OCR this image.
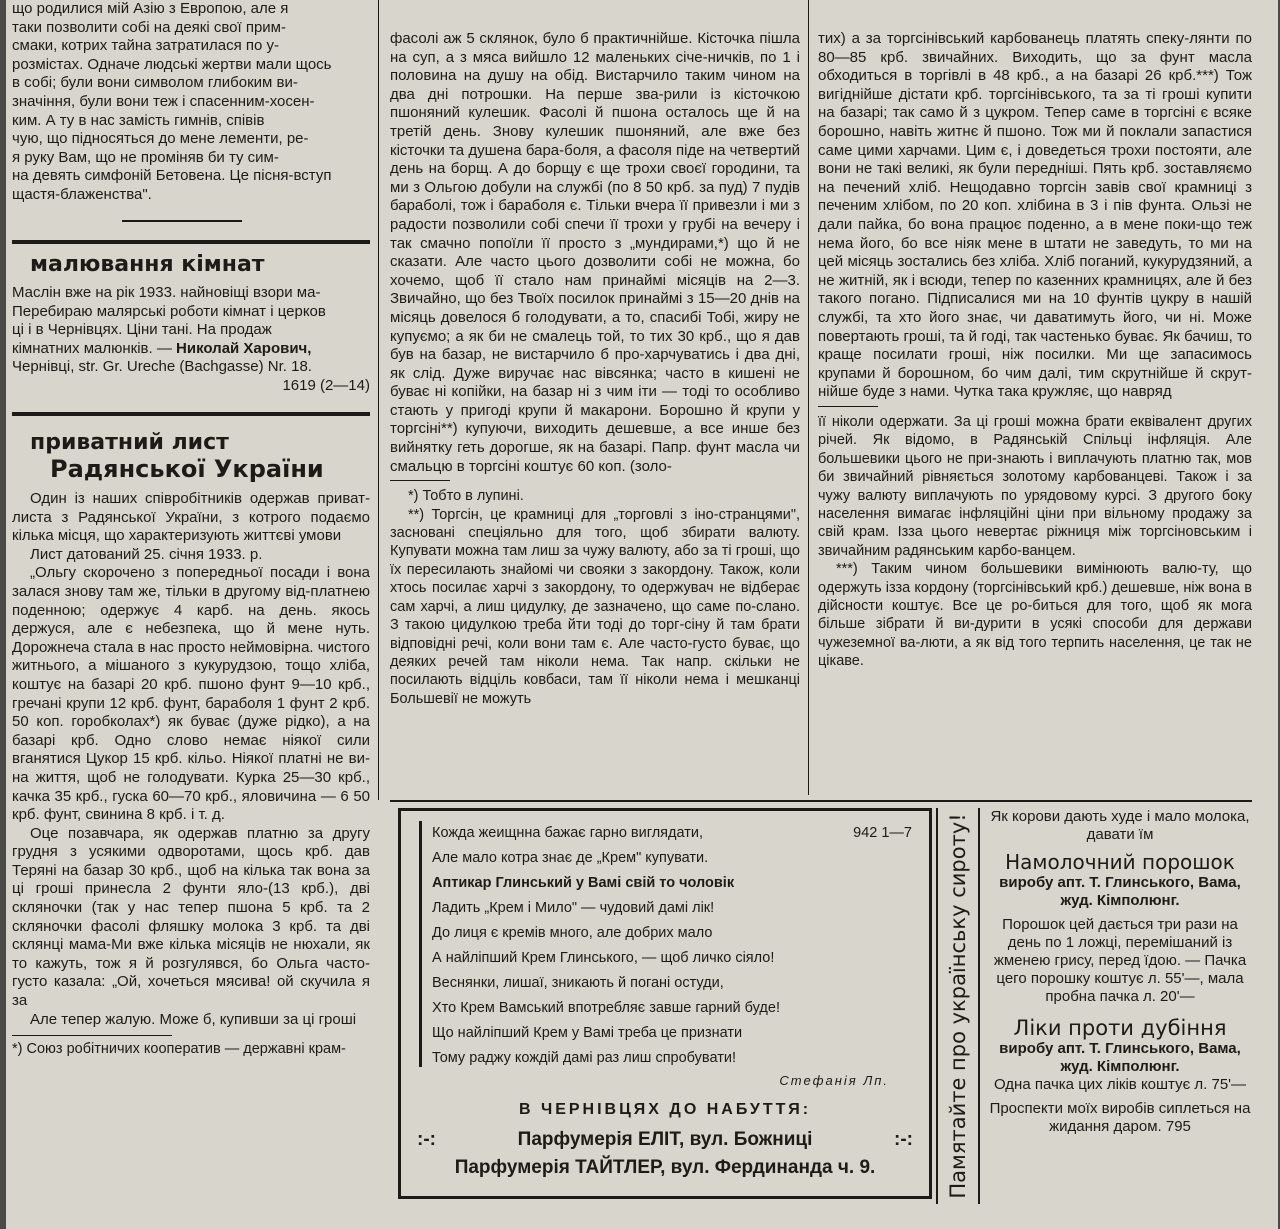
що родилися мій Азію з Европою, але я

таки позволити собі на деякі свої прим-

смаки, котрих тайна затратилася по у-

розмістах. Одначе людські жертви мали щось

в собі; були вони символом глибоким ви-

значіння, були вони теж і спасенним-хосен-

ким. А ту в нас замість гимнів, співів

чую, що підносяться до мене лементи, ре-

я руку Вам, що не проміняв би ту сим-

на девять симфоній Бетовена. Це пісня-вступ

щастя-блаженства".

малювання кімнат

Маслін вже на рік 1933. найновіщі взори ма-

Перебираю малярські роботи кімнат і церков

ці і в Чернівцях. Ціни тані. На продаж

кімнатних малюнків. — Николай Харович,

Чернівці, str. Gr. Ureche (Bachgasse) Nr. 18.

1619 (2—14)

приватний лист

Радянської України

Один із наших співробітників одержав приват-листа з Радянської України, з котрого подаємо кілька місця, що характеризують життєві умови

Лист датований 25. січня 1933. р.

„Ольгу скорочено з попередньої посади і вона залася знову там же, тільки в другому від-платнею поденною; одержує 4 карб. на день. якось держуся, але є небезпека, що й мене нуть. Дорожнеча стала в нас просто неймовірна. чистого житнього, а мішаного з кукурудзою, тощо хліба, коштує на базарі 20 крб. пшоно фунт 9—10 крб., гречані крупи 12 крб. фунт, бараболя 1 фунт 2 крб. 50 коп. горобколах*) як буває (дуже рідко), а на базарі крб. Одно слово немає ніякої сили вганятися Цукор 15 крб. кільо. Ніякої платні не ви-на життя, щоб не голодувати. Курка 25—30 крб., качка 35 крб., гуска 60—70 крб., яловичина — 6 50 крб. фунт, свинина 8 крб. і т. д.

Оце позавчара, як одержав платню за другу грудня з усякими одворотами, щось крб. дав Теряні на базар 30 крб., щоб на кілька так вона за ці гроші принесла 2 фунти яло-(13 крб.), дві скляночки (так у нас тепер пшона 5 крб. та 2 скляночки фасолі фляшку молока 3 крб. та дві склянці мама-Ми вже кілька місяців не нюхали, як то кажуть, тож я й розгулявся, бо Ольга часто-густо казала: „Ой, хочеться мясива! ой скучила я за

Але тепер жалую. Може б, купивши за ці гроші

*) Союз робітничих кооператив — державні крам-

фасолі аж 5 склянок, було б практичнійше. Кісточка пішла на суп, а з мяса вийшло 12 маленьких січе-ничків, по 1 і половина на душу на обід. Вистарчило таким чином на два дні потрошки. На перше зва-рили із кісточкою пшоняний кулешик. Фасолі й пшона осталось ще й на третій день. Знову кулешик пшоняний, але вже без кісточки та душена бара-боля, а фасоля піде на четвертий день на борщ. А до борщу є ще трохи своєї городини, та ми з Ольгою добули на службі (по 8 50 крб. за пуд) 7 пудів бараболі, тож і бараболя є. Тільки вчера її привезли і ми з радости позволили собі спечи її трохи у грубі на вечеру і так смачно попоїли її просто з „мундирами,*) що й не сказати. Але часто цього дозволити собі не можна, бо хочемо, щоб її стало нам принаймі місяців на 2—3. Звичайно, що без Твоїх посилок принаймі з 15—20 днів на місяць довелося б голодувати, а то, спасибі Тобі, жиру не купуємо; а як би не смалець той, то тих 30 крб., що я дав був на базар, не вистарчило б про-харчуватись і два дні, як слід. Дуже виручає нас вівсянка; часто в кишені не буває ні копійки, на базар ні з чим іти — тоді то особливо стають у пригоді крупи й макарони. Борошно й крупи у торгсіні**) купуючи, виходить дешевше, а все инше без вийнятку геть дорогше, як на базарі. Папр. фунт масла чи смальцю в торгсіні коштує 60 коп. (золо-

*) Тобто в лупині.

**) Торгсін, це крамниці для „торговлі з іно-странцями", засновані спеціяльно для того, щоб збирати валюту. Купувати можна там лиш за чужу валюту, або за ті гроші, що їх пересилають знайомі чи свояки з закордону. Також, коли хтось посилає харчі з закордону, то одержувач не відберає сам харчі, а лиш цидулку, де зазначено, що саме по-слано. З такою цидулкою треба йти тоді до торг-сіну й там брати відповідні речі, коли вони там є. Але часто-густо буває, що деяких речей там ніколи нема. Так напр. скільки не посилають відціль ковбаси, там її ніколи нема і мешканці Большевії не можуть

тих) а за торгсінівський карбованець платять спеку-лянти по 80—85 крб. звичайних. Виходить, що за фунт масла обходиться в торгівлі в 48 крб., а на базарі 26 крб.***) Тож вигіднійше дістати крб. торгсінівського, та за ті гроші купити на базарі; так само й з цукром. Тепер саме в торгсіні є всяке борошно, навіть житнє й пшоно. Тож ми й поклали запастися саме цими харчами. Цим є, і доведеться трохи постояти, але вони не такі великі, як були передніші. Пять крб. зоставляємо на печений хліб. Нещодавно торгсін завів свої крамниці з печеним хлібом, по 20 коп. хлібина в 3 і пів фунта. Ользі не дали пайка, бо вона працює поденно, а в мене поки-що теж нема його, бо все ніяк мене в штати не заведуть, то ми на цей місяць зостались без хліба. Хліб поганий, кукурудзяний, а не житній, як і всюди, тепер по казенних крамницях, але й без такого погано. Підписалися ми на 10 фунтів цукру в нашій службі, та хто його знає, чи даватимуть його, чи ні. Може повертають гроші, та й годі, так частенько буває. Як бачиш, то краще посилати гроші, ніж посилки. Ми ще запасимось крупами й борошном, бо чим далі, тим скрутнійше й скрут-нійше буде з нами. Чутка така кружляє, що навряд

її ніколи одержати. За ці гроші можна брати еквівалент других річей. Як відомо, в Радянській Спільці інфляція. Але большевики цього не при-знають і виплачують платню так, мов би звичайний рівняється золотому карбованцеві. Також і за чужу валюту виплачують по урядовому курсі. З другого боку населення вимагає інфляційні ціни при вільному продажу за свій крам. Ізза цього невертає ріжниця між торгсіновським і звичайним радянським карбо-ванцем.

***) Таким чином большевики вимінюють валю-ту, що одержуть ізза кордону (торгсінівський крб.) дешевше, ніж вона в дійсности коштує. Все це ро-биться для того, щоб як мога більше зібрати й ви-дурити в усякі способи для держави чужеземної ва-люти, а як від того терпить населення, це так не цікаве.

Кожда жеищнна бажає гарно виглядати,	942 1—7
Але мало котра знає де „Крем" купувати.
Аптикар Глинський у Вамі свій то чоловік
Ладить „Крем і Мило" — чудовий дамі лік!
До лиця є кремів много, але добрих мало
А найліпший Крем Глинського, — щоб личко сіяло!
Веснянки, лишаї, зникають й погані остуди,
Хто Крем Вамський впотребляє завше гарний буде!
Що найліпший Крем у Вамі треба це признати
Тому раджу кождій дамі раз лиш спробувати!
Стефанія Лп.
В ЧЕРНІВЦЯХ ДО НАБУТТЯ:
:-:	Парфумерія ЕЛІТ, вул. Божниці	:-:
Парфумерія ТАЙТЛЕР, вул. Фердинанда ч. 9.	Памятайте про українську сироту! Як корови дають худе і мало молока, давати їм
Намолочний порошок
виробу апт. Т. Глинського, Вама, жуд. Кімполюнг.
Порошок цей дається три рази на день по 1 ложці, перемішаний із жменею грису, перед їдою. — Пачка цего порошку коштує л. 55'—, мала пробна пачка л. 20'—
Ліки проти дубіння
виробу апт. Т. Глинського, Вама, жуд. Кімполюнг.
Одна пачка цих ліків коштує л. 75'—
Проспекти моїх виробів сиплеться на жидання даром. 795
